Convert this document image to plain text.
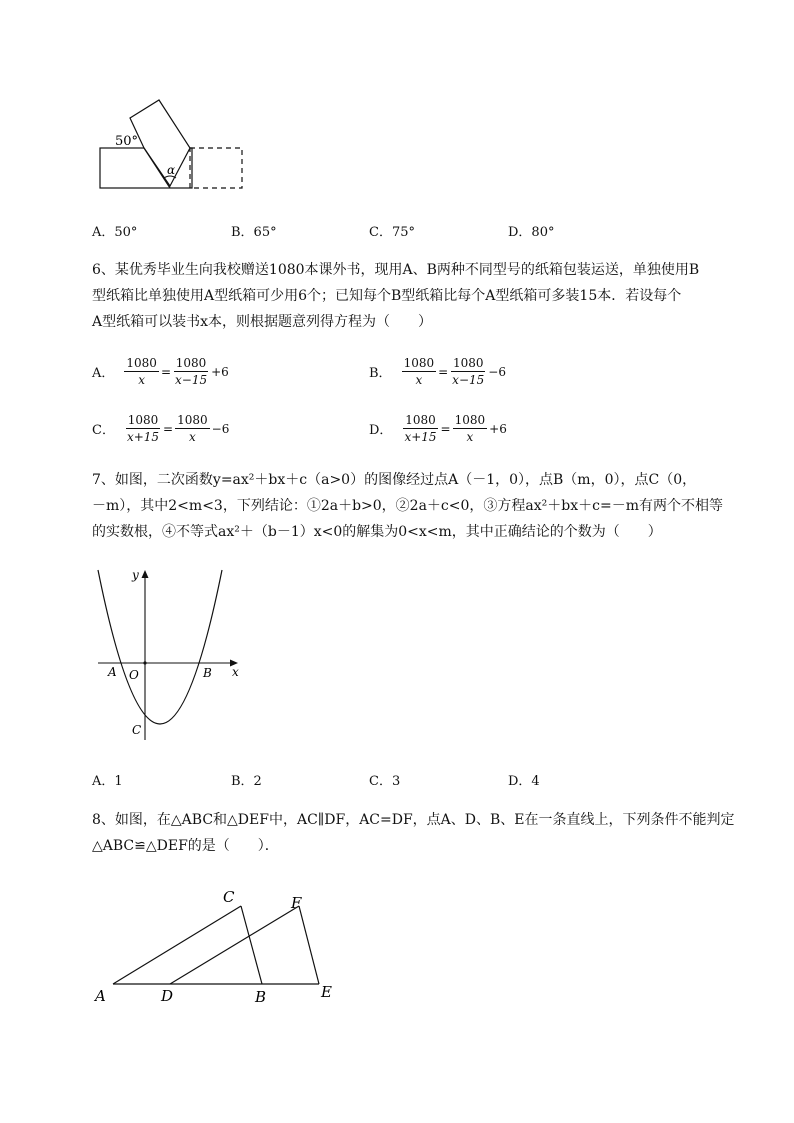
50°
α
A．50°	B．65°	C．75°	D．80°
6、某优秀毕业生向我校赠送1080本课外书，现用A、B两种不同型号的纸箱包装运送，单独使用B
型纸箱比单独使用A型纸箱可少用6个；已知每个B型纸箱比每个A型纸箱可多装15本．若设每个
A型纸箱可以装书x本，则根据题意列得方程为（　　）
A． $\frac{1080}{x} = \frac{1080}{x-15} +6$	B． $\frac{1080}{x} = \frac{1080}{x-15} -6$
C． $\frac{1080}{x+15} = \frac{1080}{x} -6$	D． $\frac{1080}{x+15} = \frac{1080}{x} +6$
7、如图，二次函数y=ax²＋bx＋c（a>0）的图像经过点A（－1，0），点B（m，0），点C（0，
－m），其中2<m<3，下列结论：①2a＋b>0，②2a＋c<0，③方程ax²＋bx＋c=－m有两个不相等
的实数根，④不等式ax²＋（b－1）x<0的解集为0<x<m，其中正确结论的个数为（　　）
y
x
A O	B
C
A．1	B．2	C．3	D．4
8、如图，在△ABC和△DEF中，AC∥DF，AC=DF，点A、D、B、E在一条直线上，下列条件不能判定
△ABC≌△DEF的是（　　）．
A	D	B	E
C	F
